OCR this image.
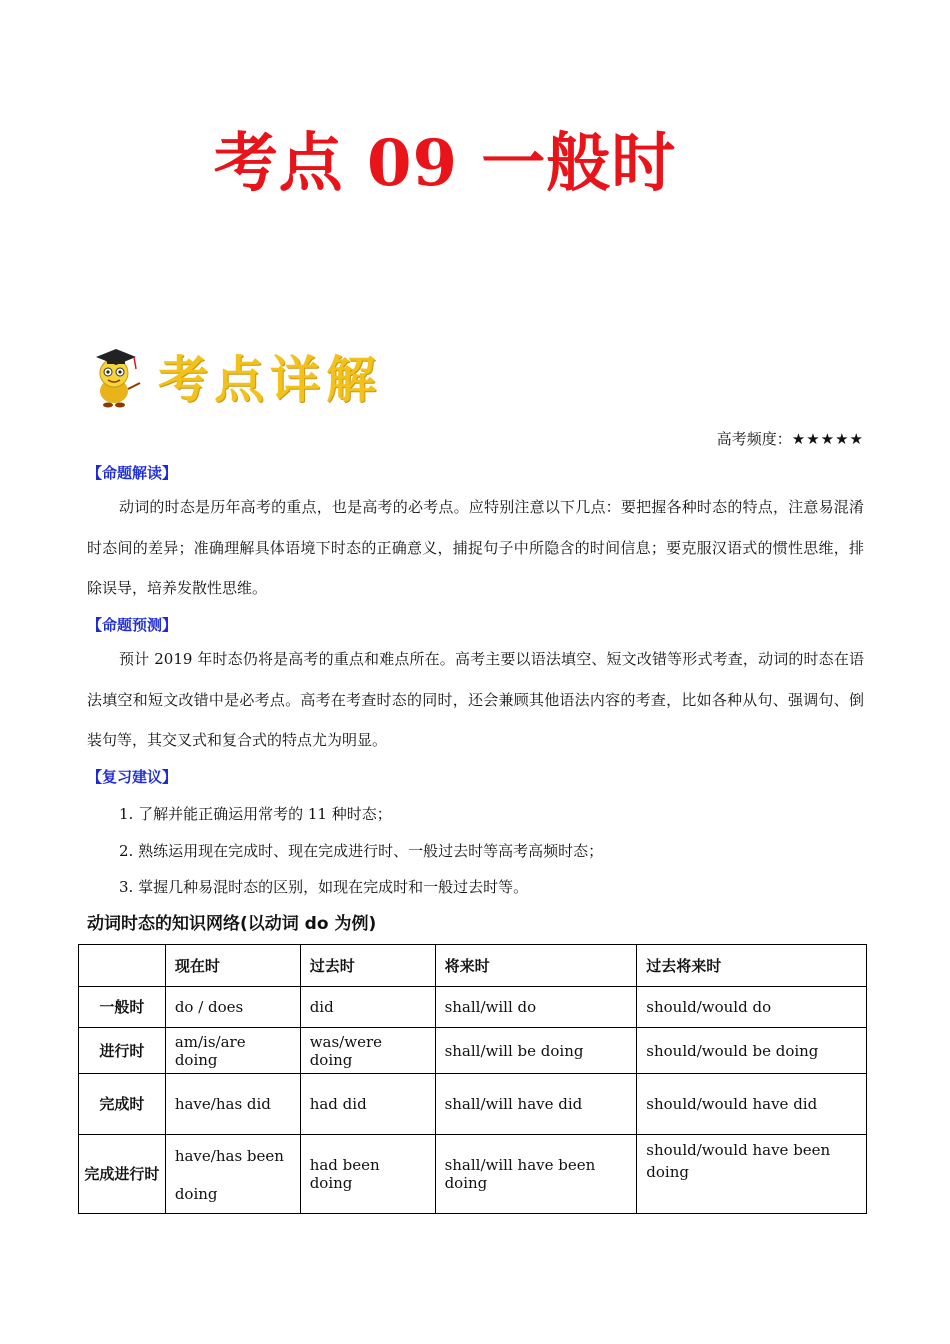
考点 09 一般时
考点详解
高考频度：★★★★★
【命题解读】
动词的时态是历年高考的重点，也是高考的必考点。应特别注意以下几点：要把握各种时态的特点，注意易混淆时态间的差异；准确理解具体语境下时态的正确意义，捕捉句子中所隐含的时间信息；要克服汉语式的惯性思维，排除误导，培养发散性思维。
【命题预测】
预计 2019 年时态仍将是高考的重点和难点所在。高考主要以语法填空、短文改错等形式考查，动词的时态在语法填空和短文改错中是必考点。高考在考查时态的同时，还会兼顾其他语法内容的考查，比如各种从句、强调句、倒装句等，其交叉式和复合式的特点尤为明显。
【复习建议】
1. 了解并能正确运用常考的 11 种时态；
2. 熟练运用现在完成时、现在完成进行时、一般过去时等高考高频时态；
3. 掌握几种易混时态的区别，如现在完成时和一般过去时等。
动词时态的知识网络(以动词 do 为例)
	现在时	过去时	将来时	过去将来时
一般时	do / does	did	shall/will do	should/would do
进行时	am/is/are doing	was/were doing	shall/will be doing	should/would be doing
完成时	have/has did	had did	shall/will have did	should/would have did
完成进行时	have/has been doing	had been doing	shall/will have been doing	should/would have been doing
